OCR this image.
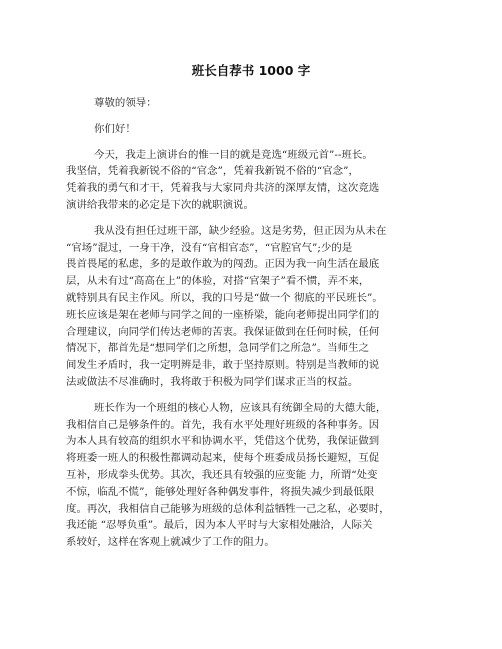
班长自荐书 1000 字
尊敬的领导：
你们好！
今天，我走上演讲台的惟一目的就是竞选“班级元首”--班长。
我坚信，凭着我新锐不俗的“官念”，凭着我新锐不俗的“官念”，
凭着我的勇气和才干，凭着我与大家同舟共济的深厚友情，这次竞选
演讲给我带来的必定是下次的就职演说。
我从没有担任过班干部，缺少经验。这是劣势，但正因为从未在
“官场”混过，一身干净，没有“官相官态”，“官腔官气”;少的是
畏首畏尾的私虑，多的是敢作敢为的闯劲。正因为我一向生活在最底
层，从未有过“高高在上”的体验，对搭“官架子”看不惯，弄不来，
就特别具有民主作风。所以，我的口号是“做一个 彻底的平民班长”。
班长应该是架在老师与同学之间的一座桥梁，能向老师提出同学们的
合理建议，向同学们传达老师的苦衷。我保证做到在任何时候，任何
情况下，都首先是“想同学们之所想，急同学们之所急”。当师生之
间发生矛盾时，我一定明辨是非，敢于坚持原则。特别是当教师的说
法或做法不尽准确时，我将敢于积极为同学们谋求正当的权益。
班长作为一个班组的核心人物，应该具有统御全局的大德大能，
我相信自己是够条件的。首先，我有水平处理好班级的各种事务。因
为本人具有较高的组织水平和协调水平，凭借这个优势，我保证做到
将班委一班人的积极性都调动起来，使每个班委成员扬长避短，互促
互补，形成拳头优势。其次，我还具有较强的应变能 力，所谓“处变
不惊，临乱不慌”，能够处理好各种偶发事件，将损失减少到最低限
度。再次，我相信自己能够为班级的总体利益牺牲一己之私，必要时，
我还能 “忍辱负重”。最后，因为本人平时与大家相处融洽，人际关
系较好，这样在客观上就减少了工作的阻力。
